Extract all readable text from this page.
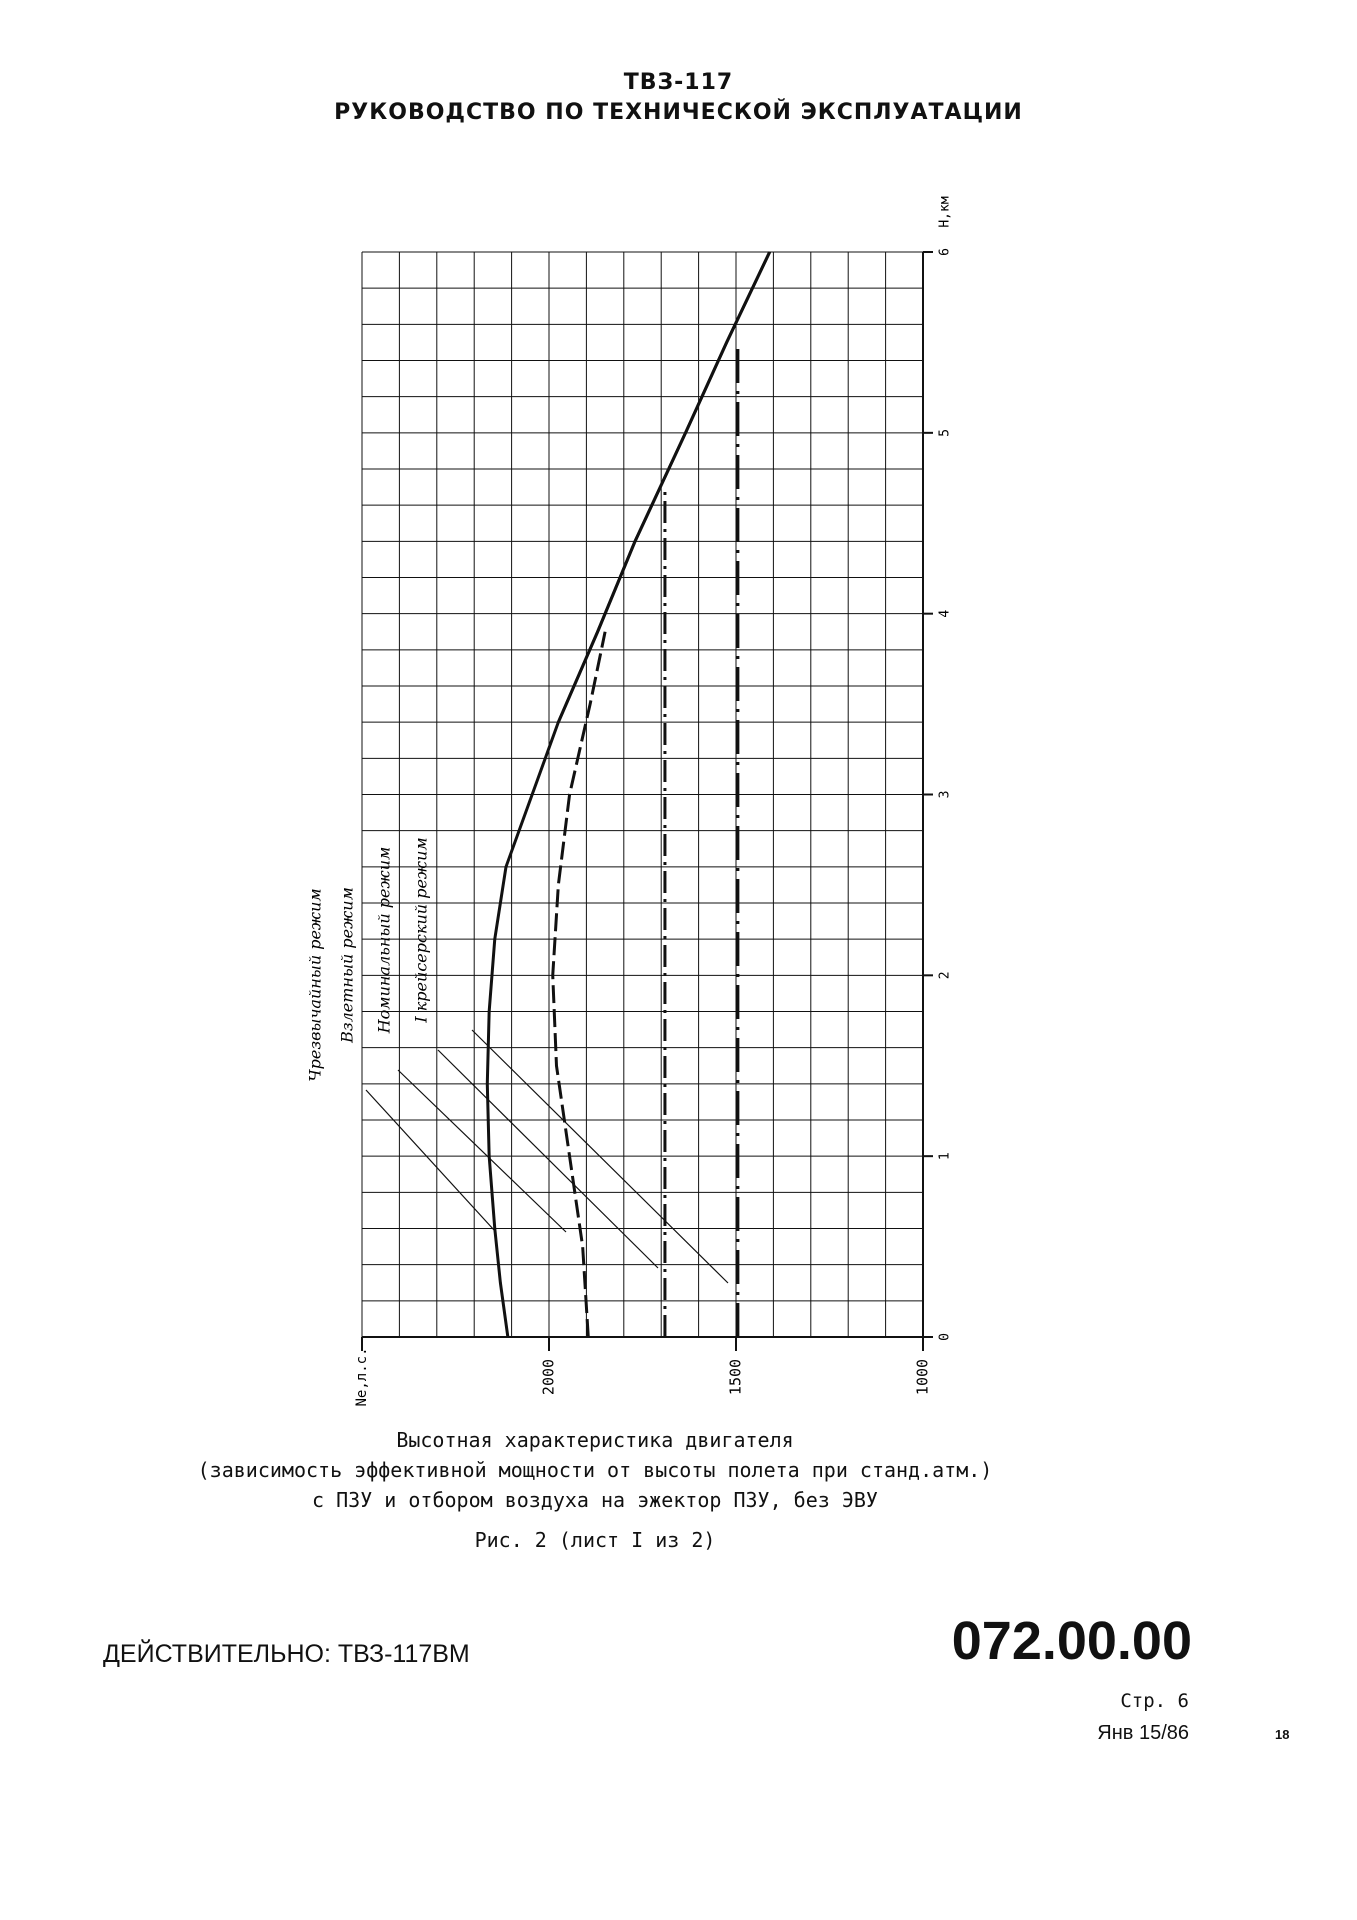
ТВЗ-117
РУКОВОДСТВО ПО ТЕХНИЧЕСКОЙ ЭКСПЛУАТАЦИИ
0
1
2
3
4
5
6
H,км
2000	1500	1000
Ne,л.с.
Чрезвычайный режим Взлетный режим Номинальный режим I крейсерский режим
Высотная характеристика двигателя
(зависимость эффективной мощности от высоты полета при станд.атм.)
с ПЗУ и отбором воздуха на эжектор ПЗУ, без ЭВУ
Рис. 2 (лист I из 2)
ДЕЙСТВИТЕЛЬНО: ТВЗ-117ВМ	072.00.00
Стр. 6
Янв 15/86	18
